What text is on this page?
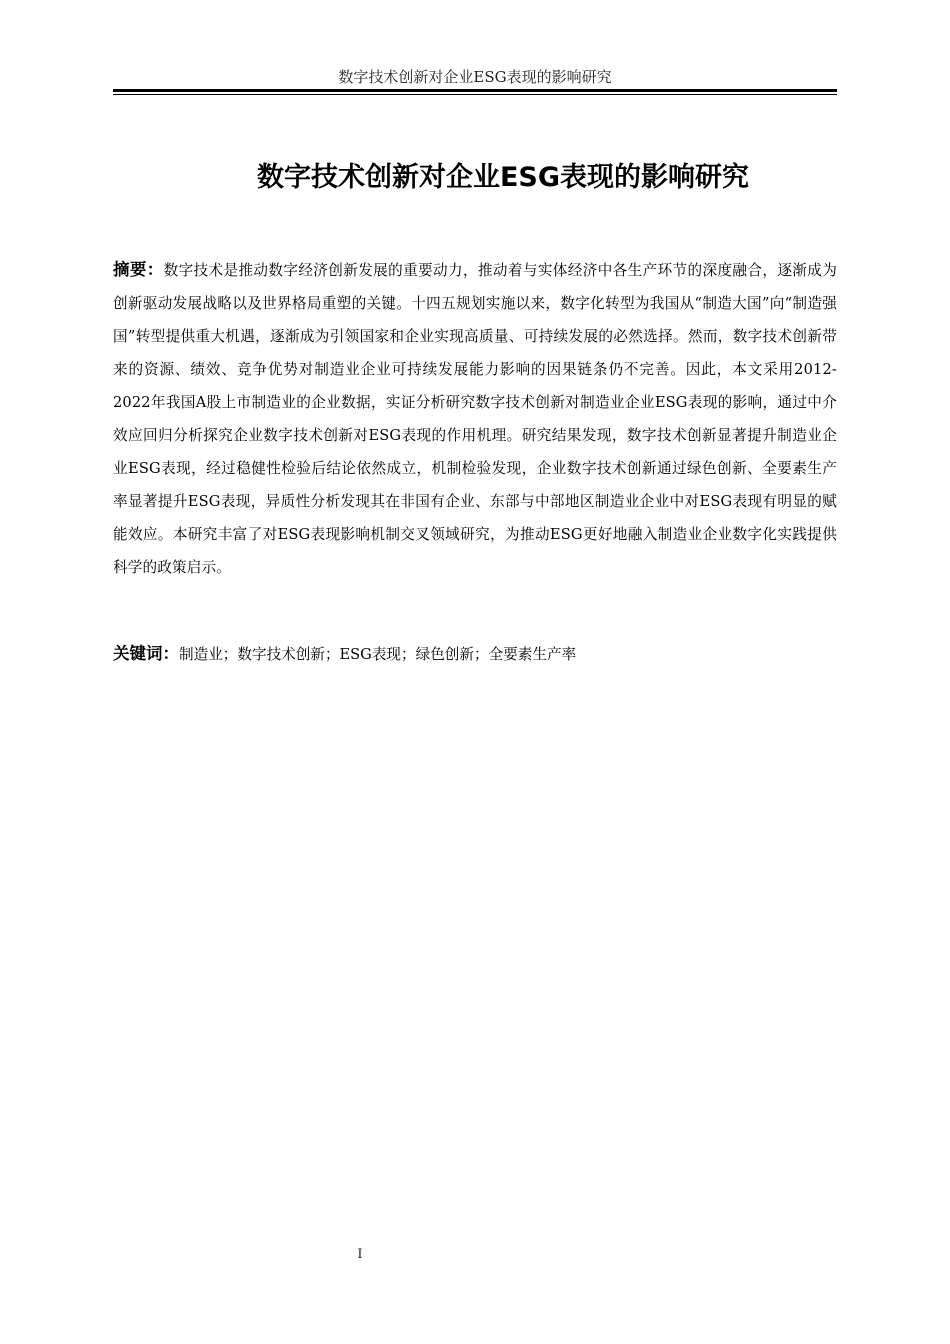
数字技术创新对企业ESG表现的影响研究
数字技术创新对企业ESG表现的影响研究

摘要：数字技术是推动数字经济创新发展的重要动力，推动着与实体经济中各生产环节的深度融合，逐渐成为创新驱动发展战略以及世界格局重塑的关键。十四五规划实施以来，数字化转型为我国从“制造大国”向“制造强国”转型提供重大机遇，逐渐成为引领国家和企业实现高质量、可持续发展的必然选择。然而，数字技术创新带来的资源、绩效、竞争优势对制造业企业可持续发展能力影响的因果链条仍不完善。因此，本文采用2012-2022年我国A股上市制造业的企业数据，实证分析研究数字技术创新对制造业企业ESG表现的影响，通过中介效应回归分析探究企业数字技术创新对ESG表现的作用机理。研究结果发现，数字技术创新显著提升制造业企业ESG表现，经过稳健性检验后结论依然成立，机制检验发现，企业数字技术创新通过绿色创新、全要素生产率显著提升ESG表现，异质性分析发现其在非国有企业、东部与中部地区制造业企业中对ESG表现有明显的赋能效应。本研究丰富了对ESG表现影响机制交叉领域研究，为推动ESG更好地融入制造业企业数字化实践提供科学的政策启示。

关键词：制造业；数字技术创新；ESG表现；绿色创新；全要素生产率

I
